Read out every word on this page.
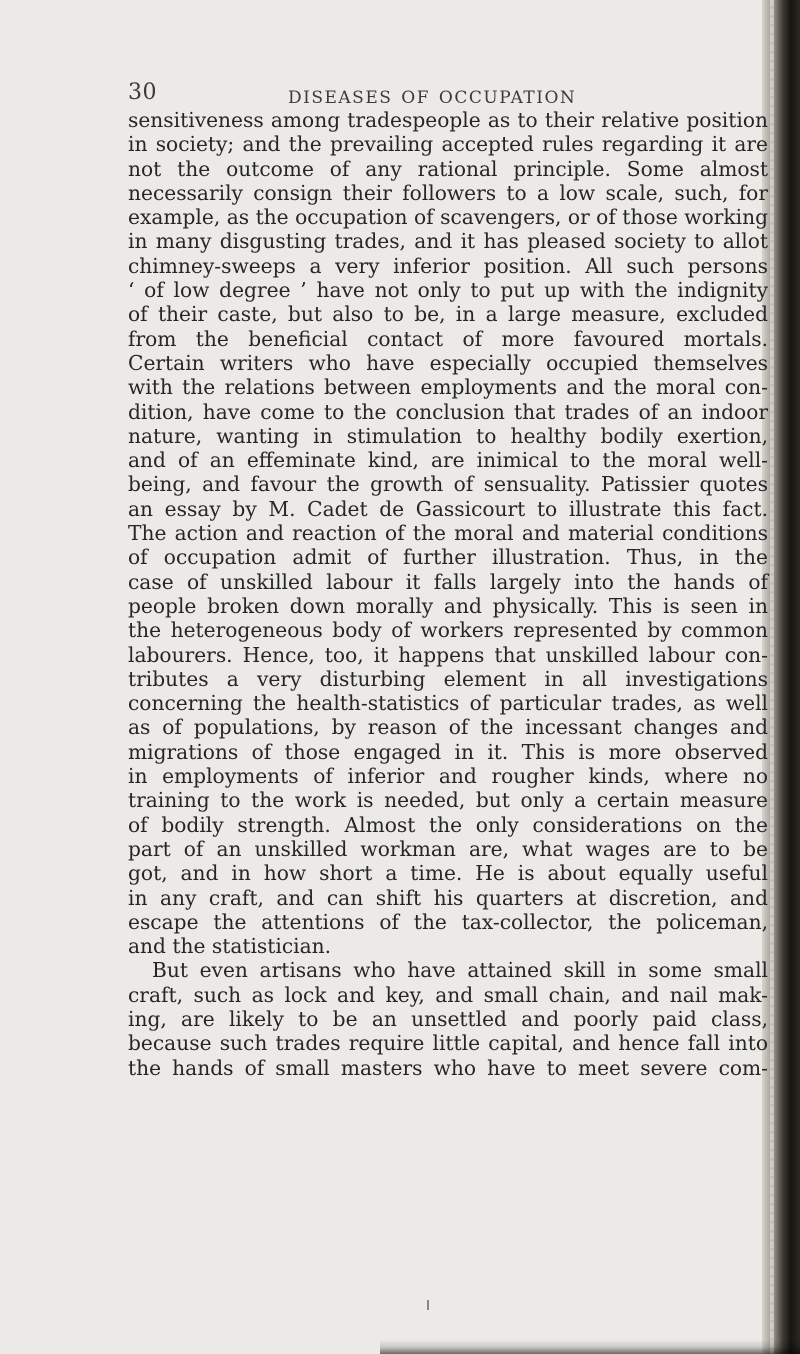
30	DISEASES OF OCCUPATION
sensitiveness among tradespeople as to their relative position
in society; and the prevailing accepted rules regarding it are
not the outcome of any rational principle. Some almost
necessarily consign their followers to a low scale, such, for
example, as the occupation of scavengers, or of those working
in many disgusting trades, and it has pleased society to allot
chimney-sweeps a very inferior position. All such persons
‘ of low degree ’ have not only to put up with the indignity
of their caste, but also to be, in a large measure, excluded
from the beneficial contact of more favoured mortals.
Certain writers who have especially occupied themselves
with the relations between employments and the moral con-
dition, have come to the conclusion that trades of an indoor
nature, wanting in stimulation to healthy bodily exertion,
and of an effeminate kind, are inimical to the moral well-
being, and favour the growth of sensuality. Patissier quotes
an essay by M. Cadet de Gassicourt to illustrate this fact.
The action and reaction of the moral and material conditions
of occupation admit of further illustration. Thus, in the
case of unskilled labour it falls largely into the hands of
people broken down morally and physically. This is seen in
the heterogeneous body of workers represented by common
labourers. Hence, too, it happens that unskilled labour con-
tributes a very disturbing element in all investigations
concerning the health-statistics of particular trades, as well
as of populations, by reason of the incessant changes and
migrations of those engaged in it. This is more observed
in employments of inferior and rougher kinds, where no
training to the work is needed, but only a certain measure
of bodily strength. Almost the only considerations on the
part of an unskilled workman are, what wages are to be
got, and in how short a time. He is about equally useful
in any craft, and can shift his quarters at discretion, and
escape the attentions of the tax-collector, the policeman,
and the statistician.
But even artisans who have attained skill in some small
craft, such as lock and key, and small chain, and nail mak-
ing, are likely to be an unsettled and poorly paid class,
because such trades require little capital, and hence fall into
the hands of small masters who have to meet severe com-
